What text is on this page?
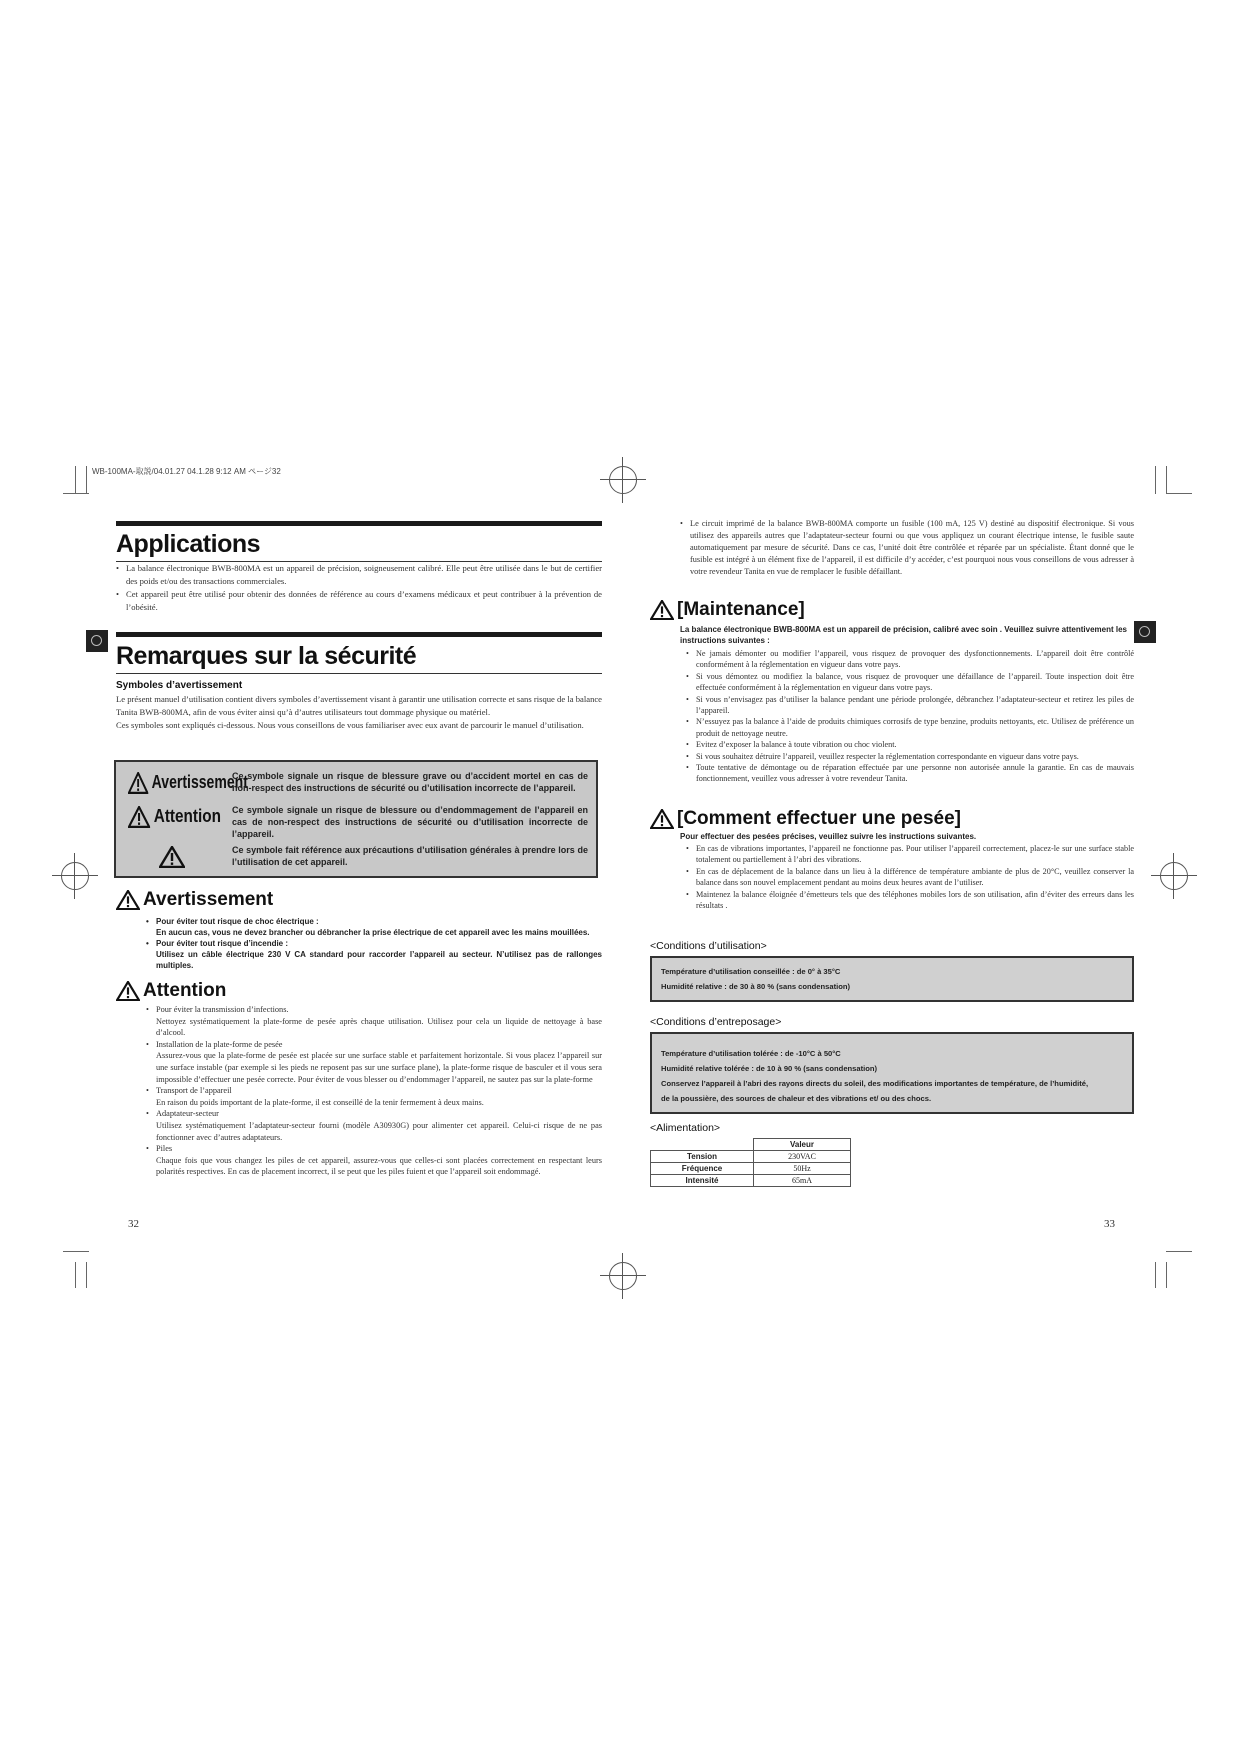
WB-100MA-取説/04.01.27 04.1.28 9:12 AM ページ32
Applications
• La balance électronique BWB-800MA est un appareil de précision, soigneusement calibré. Elle peut être utilisée dans le but de certifier des poids et/ou des transactions commerciales.
• Cet appareil peut être utilisé pour obtenir des données de référence au cours d’examens médicaux et peut contribuer à la prévention de l’obésité.
Remarques sur la sécurité
Symboles d’avertissement
Le présent manuel d’utilisation contient divers symboles d’avertissement visant à garantir une utilisation correcte et sans risque de la balance Tanita BWB-800MA, afin de vous éviter ainsi qu’à d’autres utilisateurs tout dommage physique ou matériel.
Ces symboles sont expliqués ci-dessous. Nous vous conseillons de vous familiariser avec eux avant de parcourir le manuel d’utilisation.
Avertissement
Ce symbole signale un risque de blessure grave ou d’accident mortel en cas de non-respect des instructions de sécurité ou d’utilisation incorrecte de l’appareil.
Attention Ce symbole signale un risque de blessure ou d’endommagement de l’appareil en cas de non-respect des instructions de sécurité ou d’utilisation incorrecte de l’appareil.
Ce symbole fait référence aux précautions d’utilisation générales à prendre lors de l’utilisation de cet appareil.
Avertissement
• Pour éviter tout risque de choc électrique :
En aucun cas, vous ne devez brancher ou débrancher la prise électrique de cet appareil avec les mains mouillées.
• Pour éviter tout risque d’incendie :
Utilisez un câble électrique 230 V CA standard pour raccorder l’appareil au secteur. N’utilisez pas de rallonges multiples.
Attention
• Pour éviter la transmission d’infections.
Nettoyez systématiquement la plate-forme de pesée après chaque utilisation. Utilisez pour cela un liquide de nettoyage à base d’alcool.
• Installation de la plate-forme de pesée
Assurez-vous que la plate-forme de pesée est placée sur une surface stable et parfaitement horizontale. Si vous placez l’appareil sur une surface instable (par exemple si les pieds ne reposent pas sur une surface plane), la plate-forme risque de basculer et il vous sera impossible d’effectuer une pesée correcte. Pour éviter de vous blesser ou d’endommager l’appareil, ne sautez pas sur la plate-forme
• Transport de l’appareil
En raison du poids important de la plate-forme, il est conseillé de la tenir fermement à deux mains.
• Adaptateur-secteur
Utilisez systématiquement l’adaptateur-secteur fourni (modèle A30930G) pour alimenter cet appareil. Celui-ci risque de ne pas fonctionner avec d’autres adaptateurs.
• Piles
Chaque fois que vous changez les piles de cet appareil, assurez-vous que celles-ci sont placées correctement en respectant leurs polarités respectives. En cas de placement incorrect, il se peut que les piles fuient et que l’appareil soit endommagé.
32
• Le circuit imprimé de la balance BWB-800MA comporte un fusible (100 mA, 125 V) destiné au dispositif électronique. Si vous utilisez des appareils autres que l’adaptateur-secteur fourni ou que vous appliquez un courant électrique intense, le fusible saute automatiquement par mesure de sécurité. Dans ce cas, l’unité doit être contrôlée et réparée par un spécialiste. Étant donné que le fusible est intégré à un élément fixe de l’appareil, il est difficile d’y accéder, c’est pourquoi nous vous conseillons de vous adresser à votre revendeur Tanita en vue de remplacer le fusible défaillant.
[Maintenance]
La balance électronique BWB-800MA est un appareil de précision, calibré avec soin . Veuillez suivre attentivement les instructions suivantes :
• Ne jamais démonter ou modifier l’appareil, vous risquez de provoquer des dysfonctionnements. L’appareil doit être contrôlé conformément à la réglementation en vigueur dans votre pays.
• Si vous démontez ou modifiez la balance, vous risquez de provoquer une défaillance de l’appareil. Toute inspection doit être effectuée conformément à la réglementation en vigueur dans votre pays.
• Si vous n’envisagez pas d’utiliser la balance pendant une période prolongée, débranchez l’adaptateur-secteur et retirez les piles de l’appareil.
• N’essuyez pas la balance à l’aide de produits chimiques corrosifs de type benzine, produits nettoyants, etc. Utilisez de préférence un produit de nettoyage neutre.
• Evitez d’exposer la balance à toute vibration ou choc violent.
• Si vous souhaitez détruire l’appareil, veuillez respecter la réglementation correspondante en vigueur dans votre pays.
• Toute tentative de démontage ou de réparation effectuée par une personne non autorisée annule la garantie. En cas de mauvais fonctionnement, veuillez vous adresser à votre revendeur Tanita.
[Comment effectuer une pesée]
Pour effectuer des pesées précises, veuillez suivre les instructions suivantes.
• En cas de vibrations importantes, l’appareil ne fonctionne pas. Pour utiliser l’appareil correctement, placez-le sur une surface stable totalement ou partiellement à l’abri des vibrations.
• En cas de déplacement de la balance dans un lieu à la différence de température ambiante de plus de 20°C, veuillez conserver la balance dans son nouvel emplacement pendant au moins deux heures avant de l’utiliser.
• Maintenez la balance éloignée d’émetteurs tels que des téléphones mobiles lors de son utilisation, afin d’éviter des erreurs dans les résultats .
<Conditions d’utilisation>
Température d’utilisation conseillée : de 0° à 35°C
Humidité relative : de 30 à 80 % (sans condensation)
<Conditions d’entreposage>
Température d’utilisation tolérée : de -10°C à 50°C
Humidité relative tolérée : de 10 à 90 % (sans condensation)
Conservez l’appareil à l’abri des rayons directs du soleil, des modifications importantes de température, de l’humidité,
de la poussière, des sources de chaleur et des vibrations et/ ou des chocs.
<Alimentation>
	Valeur
Tension	230VAC
Fréquence	50Hz
Intensité	65mA
33
